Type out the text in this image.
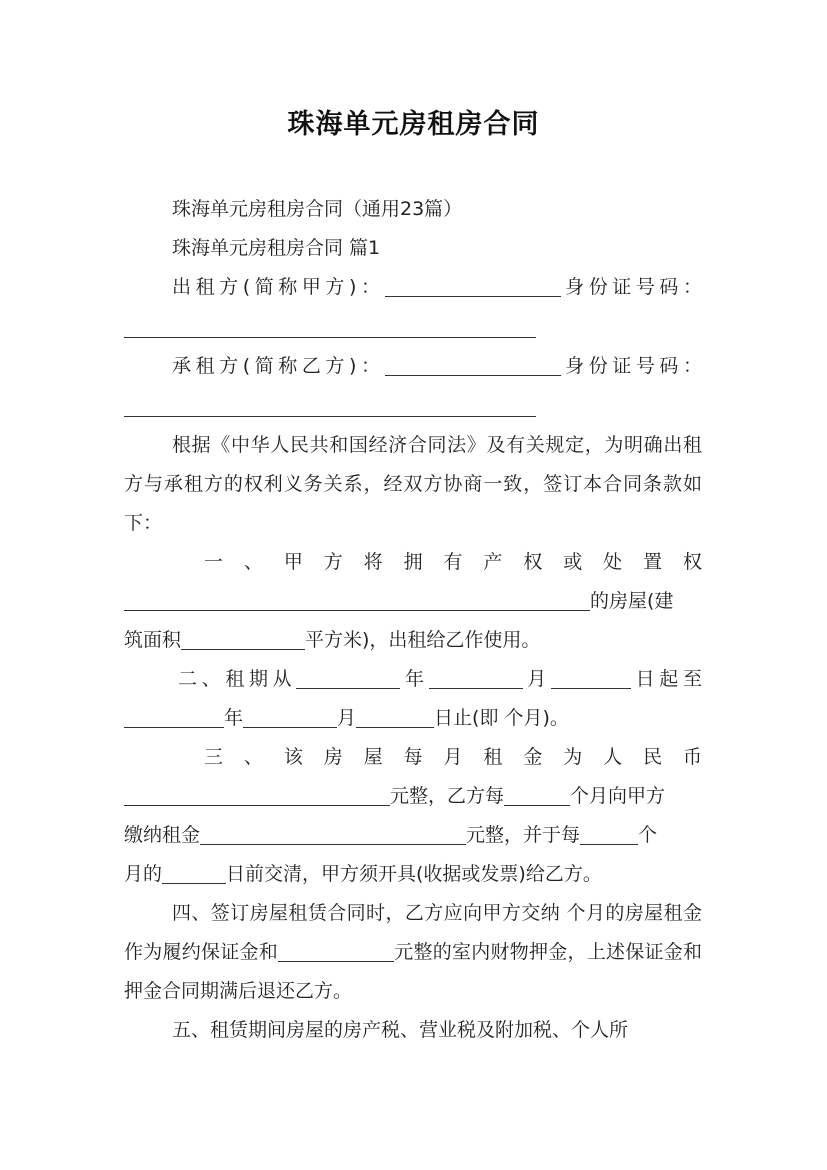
珠海单元房租房合同

珠海单元房租房合同（通用23篇）

珠海单元房租房合同 篇1

出租方(简称甲方)：	身份证号码：

承租方(简称乙方)：	身份证号码：

根据《中华人民共和国经济合同法》及有关规定，为明确出租方与承租方的权利义务关系，经双方协商一致，签订本合同条款如下：

一、甲方将拥有产权或处置权

的房屋(建

筑面积	平方米)，出租给乙作使用。

二、租期从	年	月	日起至

年	月	日止(即 个月)。

三、该房屋每月租金为人民币

元整，乙方每	个月向甲方

缴纳租金	元整，并于每	个

月的	日前交清，甲方须开具(收据或发票)给乙方。

四、签订房屋租赁合同时，乙方应向甲方交纳 个月的房屋租金作为履约保证金和	元整的室内财物押金，上述保证金和押金合同期满后退还乙方。

五、租赁期间房屋的房产税、营业税及附加税、个人所
